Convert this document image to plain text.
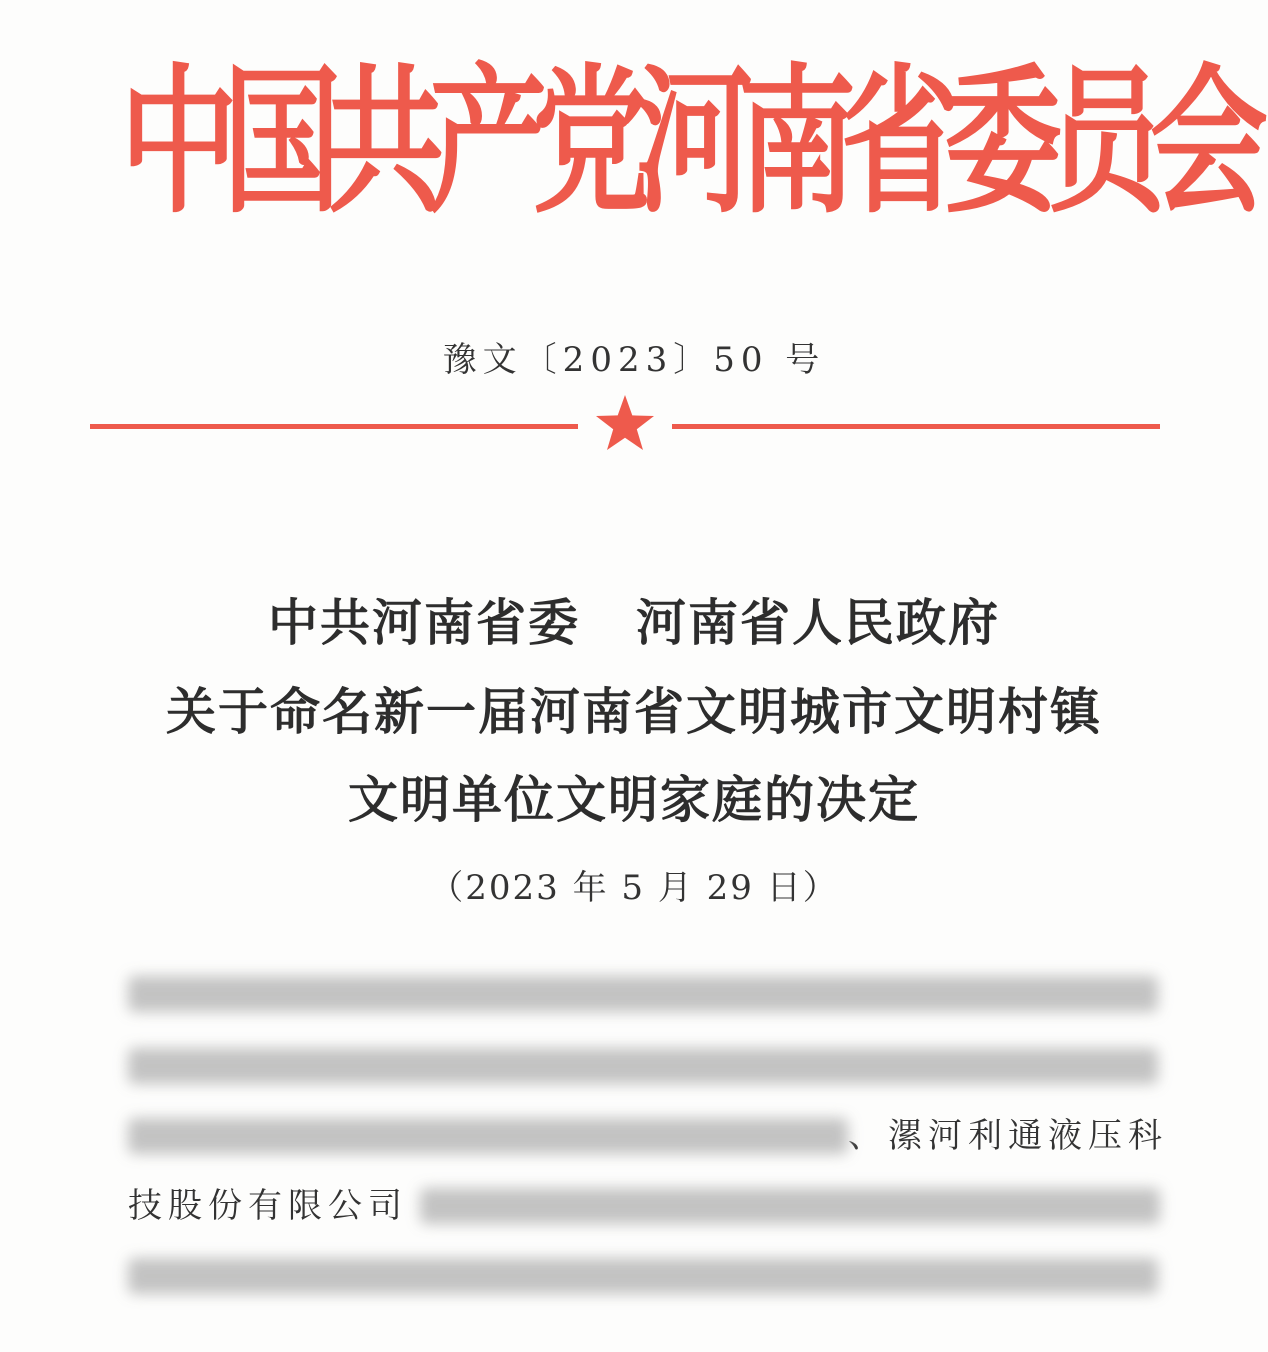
中
国
共
产
党
河
南
省
委
员
会
豫文〔2023〕50 号
中共河南省委 河南省人民政府
关于命名新一届河南省文明城市文明村镇
文明单位文明家庭的决定
（2023 年 5 月 29 日）
、漯河利通液压科
技股份有限公司
